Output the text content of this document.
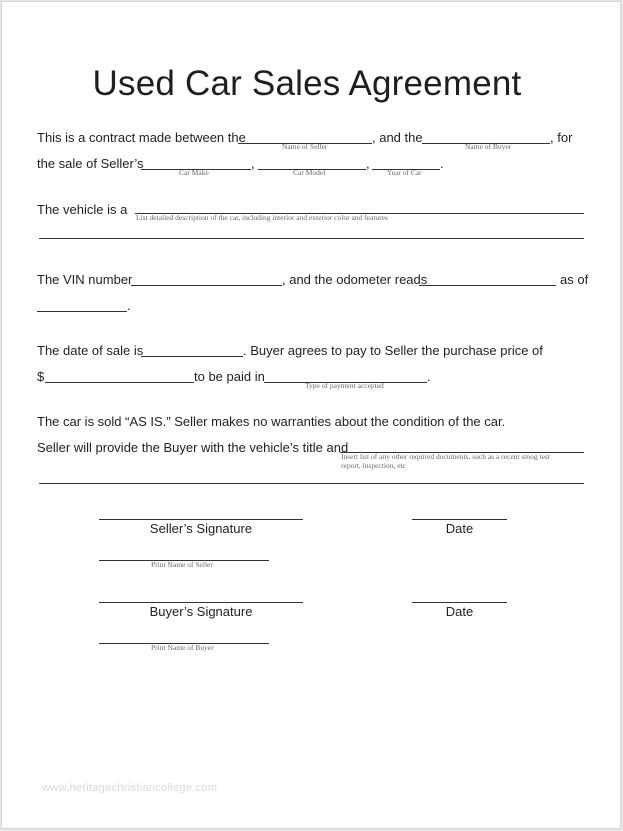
Used Car Sales Agreement
This is a contract made between the
Name of Seller
, and the
Name of Buyer
, for
the sale of Seller’s
Car Make
,
Car Model
,
Year of Car
.
The vehicle is a
List detailed description of the car, including interior and exterior color and features
The VIN number	, and the odometer reads	as of
.
The date of sale is	. Buyer agrees to pay to Seller the purchase price of
$	to be paid in
Type of payment accepted
.
The car is sold “AS IS.” Seller makes no warranties about the condition of the car.
Seller will provide the Buyer with the vehicle’s title and
Insert list of any other required documents, such as a recent smog test
report, inspection, etc
Seller’s Signature	Date
Print Name of Seller
Buyer’s Signature	Date
Print Name of Buyer
www.heritagechristiancollege.com
